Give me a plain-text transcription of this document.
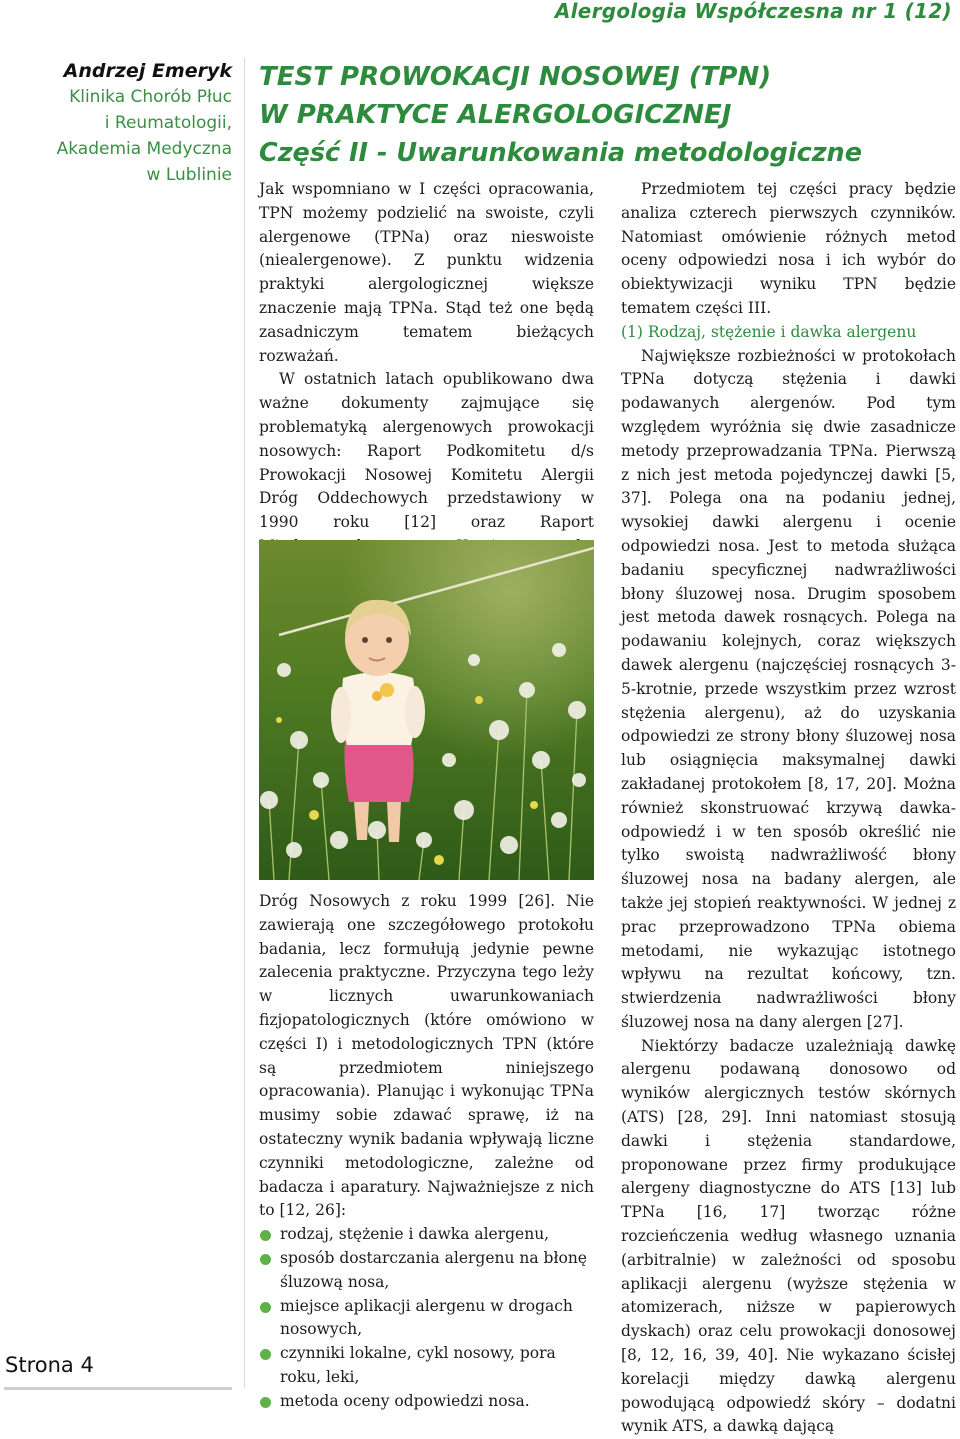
Alergologia Współczesna nr 1 (12)
Andrzej Emeryk
Klinika Chorób Płuc
i Reumatologii,
Akademia Medyczna
w Lublinie
Strona 4
TEST PROWOKACJI NOSOWEJ (TPN)
W PRAKTYCE ALERGOLOGICZNEJ
Część II - Uwarunkowania metodologiczne

Jak wspomniano w I części opracowania, TPN możemy podzielić na swoiste, czyli alergenowe (TPNa) oraz nieswoiste (niealergenowe). Z punktu widzenia praktyki alergologicznej większe znaczenie mają TPNa. Stąd też one będą zasadniczym tematem bieżących rozważań.

W ostatnich latach opublikowano dwa ważne dokumenty zajmujące się problematyką alergenowych prowokacji nosowych: Raport Podkomitetu d/s Prowokacji Nosowej Komitetu Alergii Dróg Oddechowych przedstawiony w 1990 roku [12] oraz Raport

Dróg Nosowych z roku 1999 [26]. Nie zawierają one szczegółowego protokołu badania, lecz formułują jedynie pewne zalecenia praktyczne. Przyczyna tego leży w licznych uwarunkowaniach fizjopatologicznych (które omówiono w części I) i metodologicznych TPN (które są przedmiotem niniejszego opracowania). Planując i wykonując TPNa musimy sobie zdawać sprawę, iż na ostateczny wynik badania wpływają liczne czynniki metodologiczne, zależne od badacza i aparatury. Najważniejsze z nich to [12, 26]:

rodzaj, stężenie i dawka alergenu,
sposób dostarczania alergenu na błonę śluzową nosa,
miejsce aplikacji alergenu w drogach nosowych,
czynniki lokalne, cykl nosowy, pora roku, leki,
metoda oceny odpowiedzi nosa.

Przedmiotem tej części pracy będzie analiza czterech pierwszych czynników. Natomiast omówienie różnych metod oceny odpowiedzi nosa i ich wybór do obiektywizacji wyniku TPN będzie tematem części III.

(1) Rodzaj, stężenie i dawka alergenu

Największe rozbieżności w protokołach TPNa dotyczą stężenia i dawki podawanych alergenów. Pod tym względem wyróżnia się dwie zasadnicze metody przeprowadzania TPNa. Pierwszą z nich jest metoda pojedynczej dawki [5, 37]. Polega ona na podaniu jednej, wysokiej dawki alergenu i ocenie odpowiedzi nosa. Jest to metoda służąca badaniu specyficznej nadwrażliwości błony śluzowej nosa. Drugim sposobem jest metoda dawek rosnących. Polega na podawaniu kolejnych, coraz większych dawek alergenu (najczęściej rosnących 3-5-krotnie, przede wszystkim przez wzrost stężenia alergenu), aż do uzyskania odpowiedzi ze strony błony śluzowej nosa lub osiągnięcia maksymalnej dawki zakładanej protokołem [8, 17, 20]. Można również skonstruować krzywą dawka-odpowiedź i w ten sposób określić nie tylko swoistą nadwrażliwość błony śluzowej nosa na badany alergen, ale także jej stopień reaktywności. W jednej z prac przeprowadzono TPNa obiema metodami, nie wykazując istotnego wpływu na rezultat końcowy, tzn. stwierdzenia nadwrażliwości błony śluzowej nosa na dany alergen [27].

Niektórzy badacze uzależniają dawkę alergenu podawaną donosowo od wyników alergicznych testów skórnych (ATS) [28, 29]. Inni natomiast stosują dawki i stężenia standardowe, proponowane przez firmy produkujące alergeny diagnostyczne do ATS [13] lub TPNa [16, 17] tworząc różne rozcieńczenia według własnego uznania (arbitralnie) w zależności od sposobu aplikacji alergenu (wyższe stężenia w atomizerach, niższe w papierowych dyskach) oraz celu prowokacji donosowej [8, 12, 16, 39, 40]. Nie wykazano ścisłej korelacji między dawką alergenu powodującą odpowiedź skóry – dodatni wynik ATS, a dawką dającą
